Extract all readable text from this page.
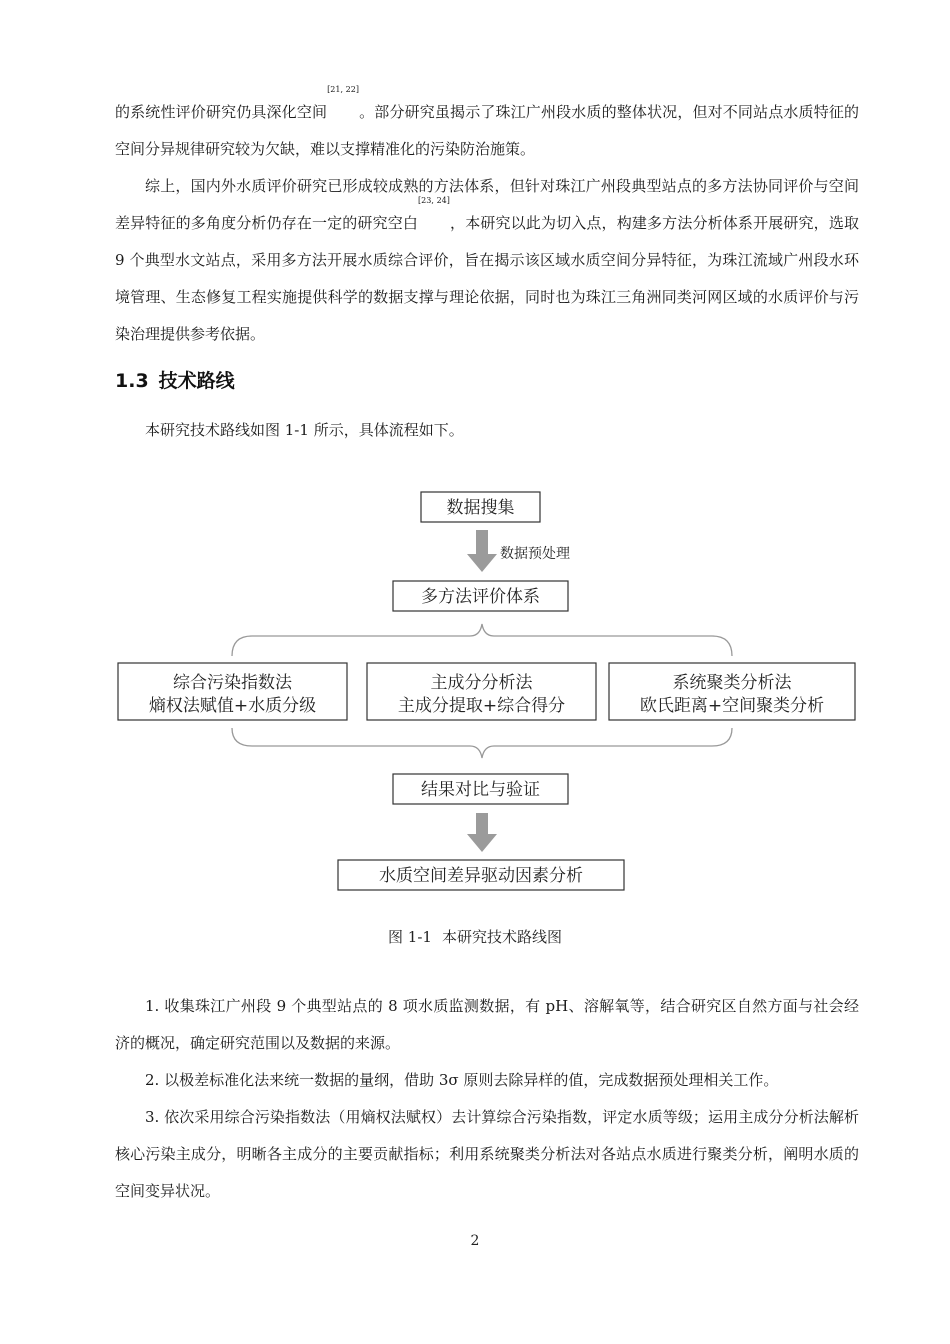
的系统性评价研究仍具深化空间[21, 22]。部分研究虽揭示了珠江广州段水质的整体状况，但对不同站点水质特征的空间分异规律研究较为欠缺，难以支撑精准化的污染防治施策。

综上，国内外水质评价研究已形成较成熟的方法体系，但针对珠江广州段典型站点的多方法协同评价与空间差异特征的多角度分析仍存在一定的研究空白[23, 24]，本研究以此为切入点，构建多方法分析体系开展研究，选取 9 个典型水文站点，采用多方法开展水质综合评价，旨在揭示该区域水质空间分异特征，为珠江流域广州段水环境管理、生态修复工程实施提供科学的数据支撑与理论依据，同时也为珠江三角洲同类河网区域的水质评价与污染治理提供参考依据。

1.3 技术路线

本研究技术路线如图 1-1 所示，具体流程如下。

数据搜集
数据预处理
多方法评价体系
综合污染指数法
熵权法赋值+水质分级
主成分分析法
主成分提取+综合得分
系统聚类分析法
欧氏距离+空间聚类分析
结果对比与验证
水质空间差异驱动因素分析
图 1-1 本研究技术路线图

1. 收集珠江广州段 9 个典型站点的 8 项水质监测数据，有 pH、溶解氧等，结合研究区自然方面与社会经济的概况，确定研究范围以及数据的来源。

2. 以极差标准化法来统一数据的量纲，借助 3σ 原则去除异样的值，完成数据预处理相关工作。

3. 依次采用综合污染指数法（用熵权法赋权）去计算综合污染指数，评定水质等级；运用主成分分析法解析核心污染主成分，明晰各主成分的主要贡献指标；利用系统聚类分析法对各站点水质进行聚类分析，阐明水质的空间变异状况。

2
